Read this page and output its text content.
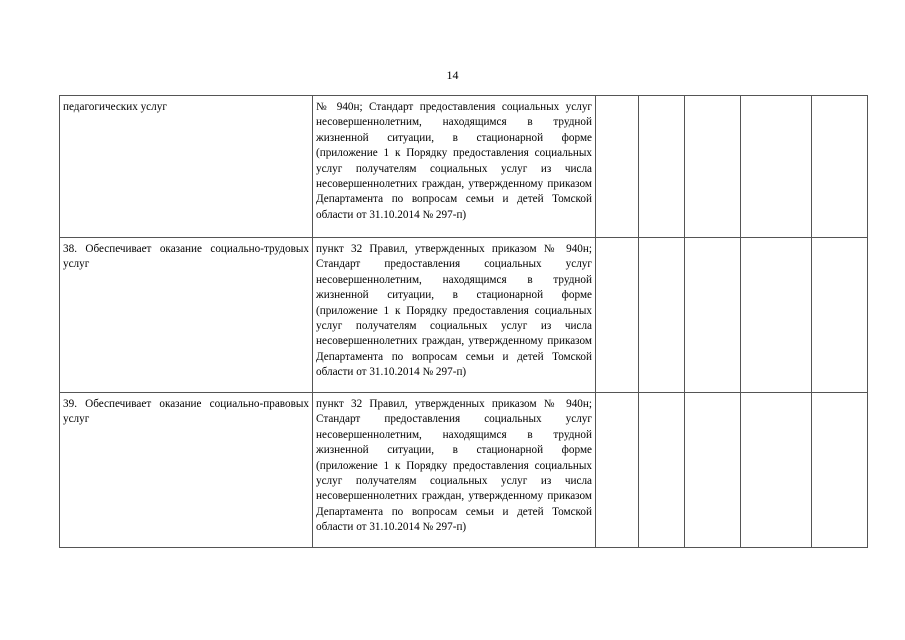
14
педагогических услуг	№ 940н; Стандарт предоставления социальных услуг несовершеннолетним, находящимся в трудной жизненной ситуации, в стационарной форме (приложение 1 к Порядку предоставления социальных услуг получателям социальных услуг из числа несовершеннолетних граждан, утвержденному приказом Департамента по вопросам семьи и детей Томской области от 31.10.2014 № 297-п)					
38. Обеспечивает оказание социально-трудовых услуг	пункт 32 Правил, утвержденных приказом № 940н; Стандарт предоставления социальных услуг несовершеннолетним, находящимся в трудной жизненной ситуации, в стационарной форме (приложение 1 к Порядку предоставления социальных услуг получателям социальных услуг из числа несовершеннолетних граждан, утвержденному приказом Департамента по вопросам семьи и детей Томской области от 31.10.2014 № 297-п)					
39. Обеспечивает оказание социально-правовых услуг	пункт 32 Правил, утвержденных приказом № 940н; Стандарт предоставления социальных услуг несовершеннолетним, находящимся в трудной жизненной ситуации, в стационарной форме (приложение 1 к Порядку предоставления социальных услуг получателям социальных услуг из числа несовершеннолетних граждан, утвержденному приказом Департамента по вопросам семьи и детей Томской области от 31.10.2014 № 297-п)					
